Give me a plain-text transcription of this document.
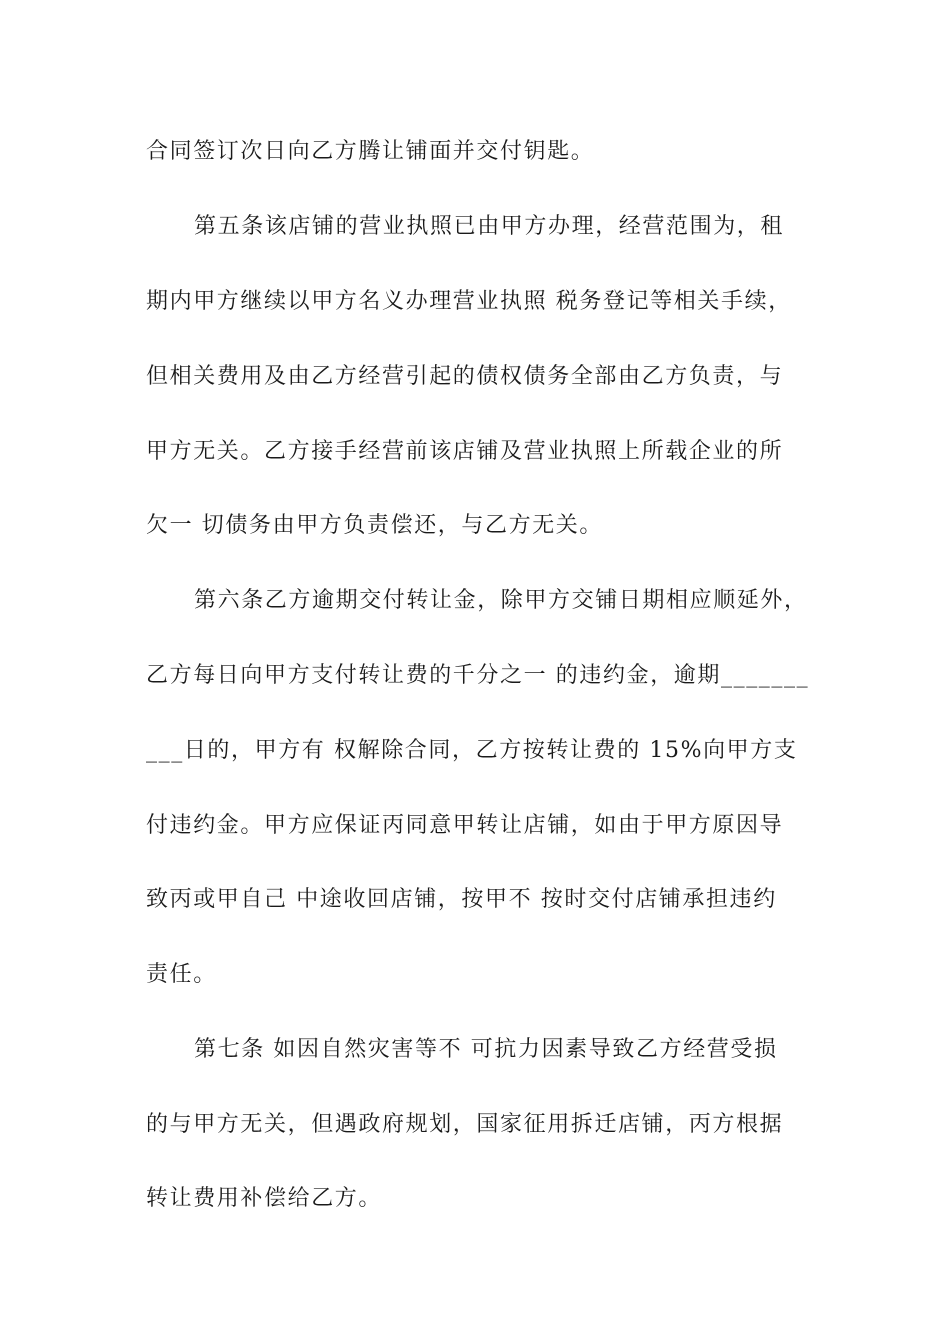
合同签订次日向乙方腾让铺面并交付钥匙。
第五条该店铺的营业执照已由甲方办理，经营范围为，租
期内甲方继续以甲方名义办理营业执照 税务登记等相关手续，
但相关费用及由乙方经营引起的债权债务全部由乙方负责，与
甲方无关。乙方接手经营前该店铺及营业执照上所载企业的所
欠一 切债务由甲方负责偿还，与乙方无关。
第六条乙方逾期交付转让金，除甲方交铺日期相应顺延外，
乙方每日向甲方支付转让费的千分之一 的违约金，逾期_______
___日的，甲方有 权解除合同，乙方按转让费的 15%向甲方支
付违约金。甲方应保证丙同意甲转让店铺，如由于甲方原因导
致丙或甲自己 中途收回店铺，按甲不 按时交付店铺承担违约
责任。
第七条 如因自然灾害等不 可抗力因素导致乙方经营受损
的与甲方无关，但遇政府规划，国家征用拆迁店铺，丙方根据
转让费用补偿给乙方。
